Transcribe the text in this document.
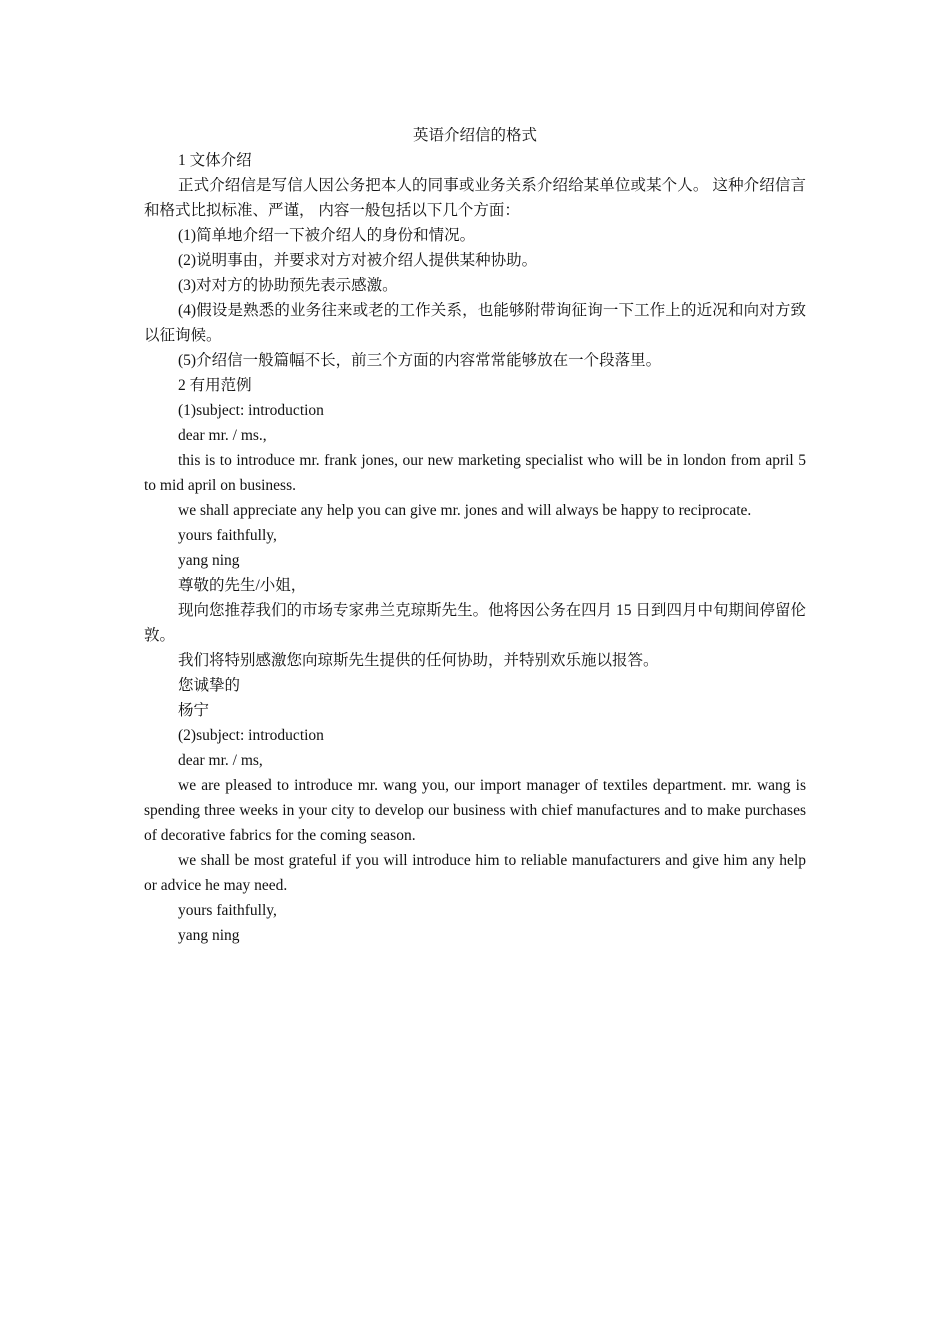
英语介绍信的格式

1 文体介绍

正式介绍信是写信人因公务把本人的同事或业务关系介绍给某单位或某个人。 这种介绍信言和格式比拟标准、严谨， 内容一般包括以下几个方面：

(1)简单地介绍一下被介绍人的身份和情况。

(2)说明事由，并要求对方对被介绍人提供某种协助。

(3)对对方的协助预先表示感激。

(4)假设是熟悉的业务往来或老的工作关系，也能够附带询征询一下工作上的近况和向对方致以征询候。

(5)介绍信一般篇幅不长，前三个方面的内容常常能够放在一个段落里。

2 有用范例

(1)subject: introduction

dear mr. / ms.,

this is to introduce mr. frank jones, our new marketing specialist who will be in london from april 5 to mid april on business.

we shall appreciate any help you can give mr. jones and will always be happy to reciprocate.

yours faithfully,

yang ning

尊敬的先生/小姐，

现向您推荐我们的市场专家弗兰克琼斯先生。他将因公务在四月 15 日到四月中旬期间停留伦敦。

我们将特别感激您向琼斯先生提供的任何协助，并特别欢乐施以报答。

您诚挚的

杨宁

(2)subject: introduction

dear mr. / ms,

we are pleased to introduce mr. wang you, our import manager of textiles department. mr. wang is spending three weeks in your city to develop our business with chief manufactures and to make purchases of decorative fabrics for the coming season.

we shall be most grateful if you will introduce him to reliable manufacturers and give him any help or advice he may need.

yours faithfully,

yang ning
